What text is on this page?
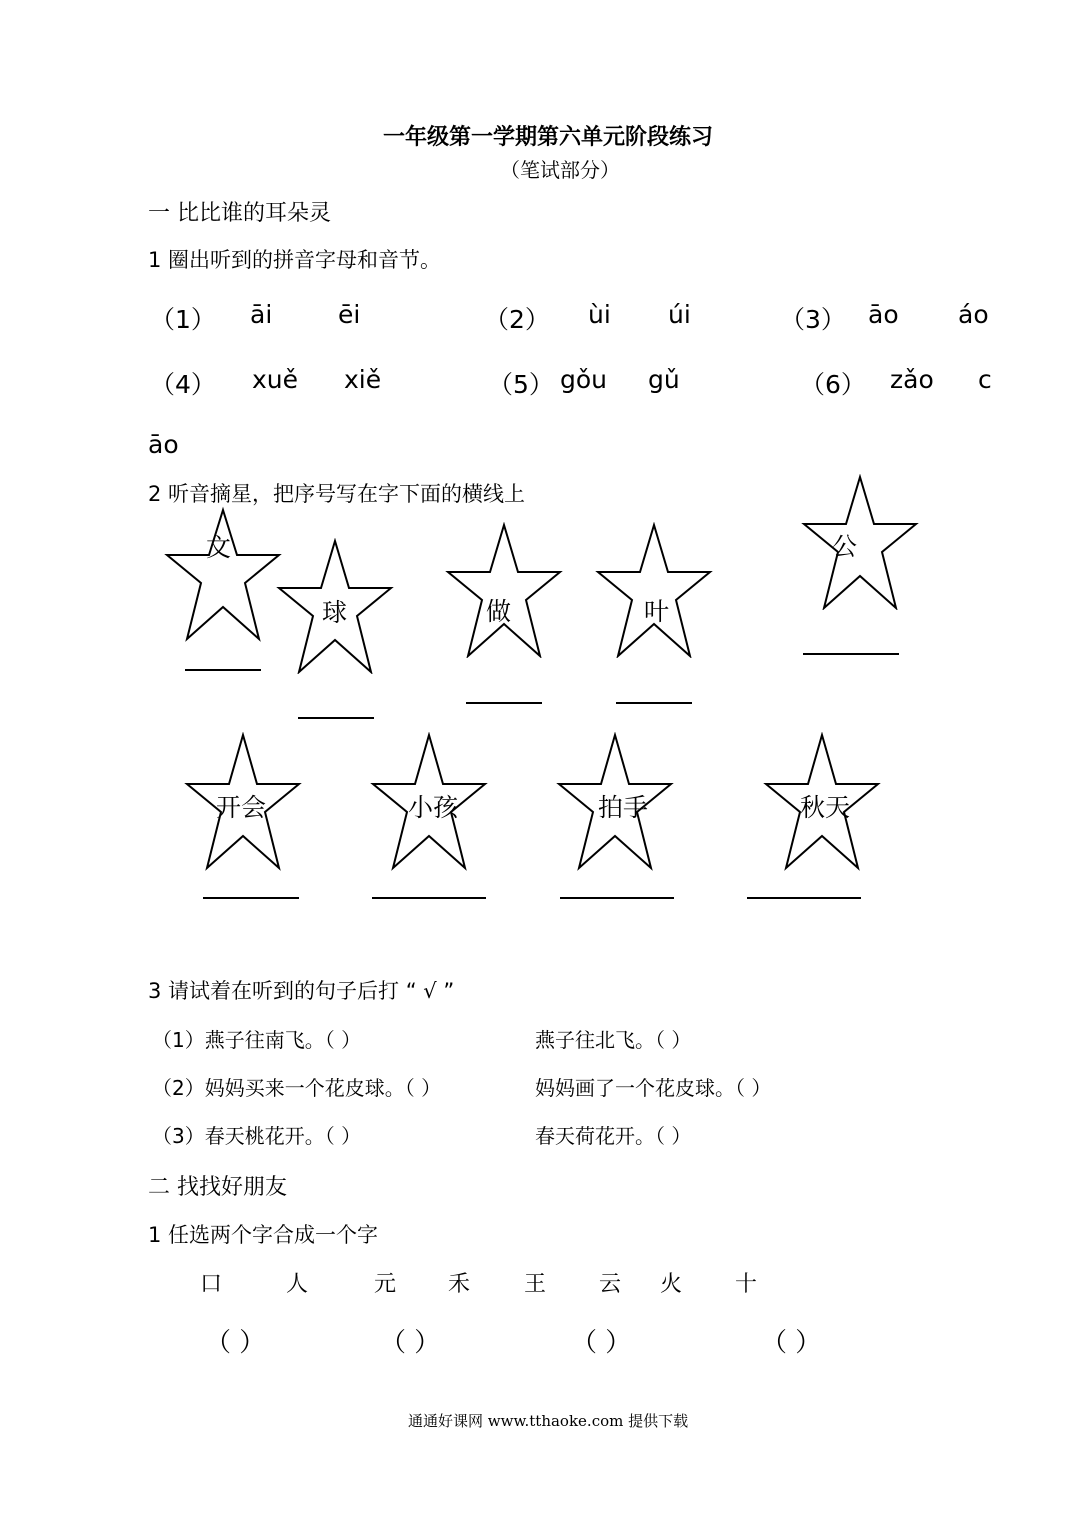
一年级第一学期第六单元阶段练习
（笔试部分）
一 比比谁的耳朵灵
1 圈出听到的拼音字母和音节。
（1） āi	ēi	（2） ùi úi	（3） āo áo
（4） xuě xiě	（5） gǒu gǔ	（6） zǎo c
āo
2 听音摘星，把序号写在字下面的横线上
文
球	做	叶
公
开会	小孩	拍手	秋天
3 请试着在听到的句子后打 “ √ ”
（1）燕子往南飞。（ ）	燕子往北飞。（ ）
（2）妈妈买来一个花皮球。（ ）	妈妈画了一个花皮球。（ ）
（3）春天桃花开。（ ）	春天荷花开。（ ）
二 找找好朋友
1 任选两个字合成一个字
口	人	元 禾 王 云 火 十
（ ）	（ ）	（ ）	（ ）
通通好课网 www.tthaoke.com 提供下载
